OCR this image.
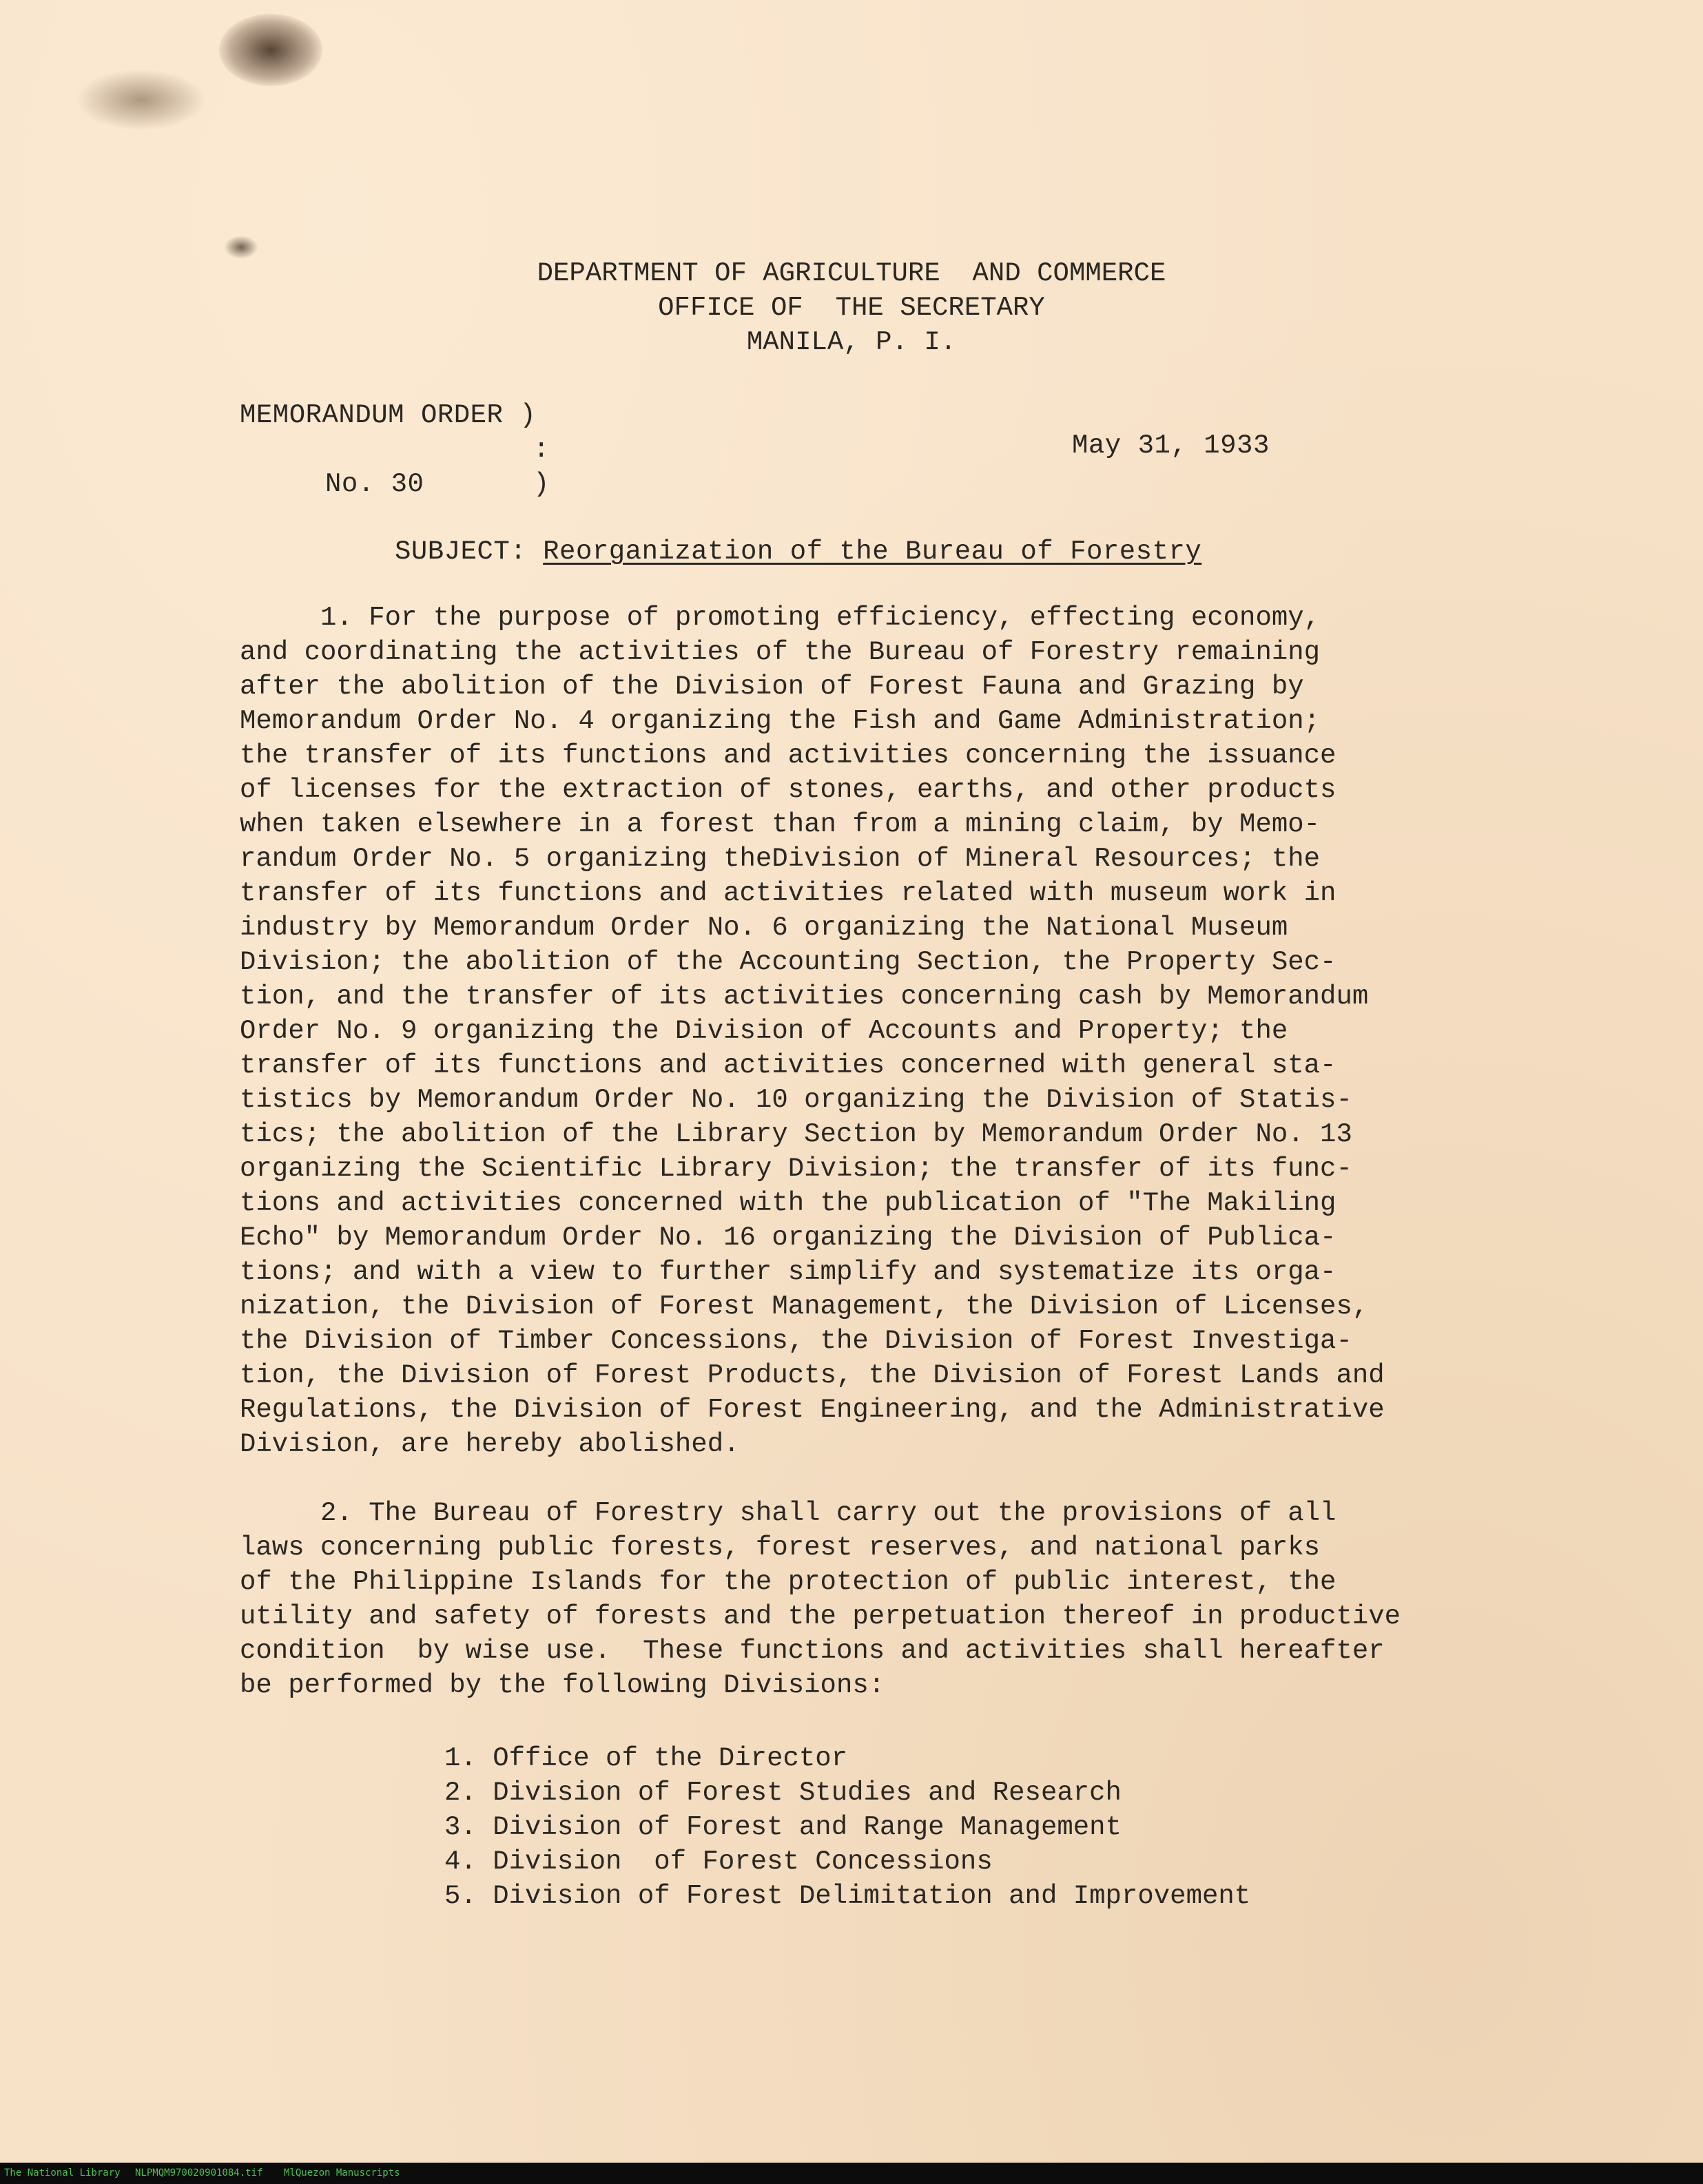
DEPARTMENT OF AGRICULTURE  AND COMMERCE
OFFICE OF  THE SECRETARY
MANILA, P. I.
MEMORANDUM ORDER )
:
No. 30	)
May 31, 1933
SUBJECT: Reorganization of the Bureau of Forestry
1. For the purpose of promoting efficiency, effecting economy,
and coordinating the activities of the Bureau of Forestry remaining
after the abolition of the Division of Forest Fauna and Grazing by
Memorandum Order No. 4 organizing the Fish and Game Administration;
the transfer of its functions and activities concerning the issuance
of licenses for the extraction of stones, earths, and other products
when taken elsewhere in a forest than from a mining claim, by Memo-
randum Order No. 5 organizing theDivision of Mineral Resources; the
transfer of its functions and activities related with museum work in
industry by Memorandum Order No. 6 organizing the National Museum
Division; the abolition of the Accounting Section, the Property Sec-
tion, and the transfer of its activities concerning cash by Memorandum
Order No. 9 organizing the Division of Accounts and Property; the
transfer of its functions and activities concerned with general sta-
tistics by Memorandum Order No. 10 organizing the Division of Statis-
tics; the abolition of the Library Section by Memorandum Order No. 13
organizing the Scientific Library Division; the transfer of its func-
tions and activities concerned with the publication of "The Makiling
Echo" by Memorandum Order No. 16 organizing the Division of Publica-
tions; and with a view to further simplify and systematize its orga-
nization, the Division of Forest Management, the Division of Licenses,
the Division of Timber Concessions, the Division of Forest Investiga-
tion, the Division of Forest Products, the Division of Forest Lands and
Regulations, the Division of Forest Engineering, and the Administrative
Division, are hereby abolished.
2. The Bureau of Forestry shall carry out the provisions of all
laws concerning public forests, forest reserves, and national parks
of the Philippine Islands for the protection of public interest, the
utility and safety of forests and the perpetuation thereof in productive
condition  by wise use.  These functions and activities shall hereafter
be performed by the following Divisions:
1. Office of the Director
2. Division of Forest Studies and Research
3. Division of Forest and Range Management
4. Division  of Forest Concessions
5. Division of Forest Delimitation and Improvement
The National Library NLPMQM970020901084.tif MlQuezon Manuscripts
